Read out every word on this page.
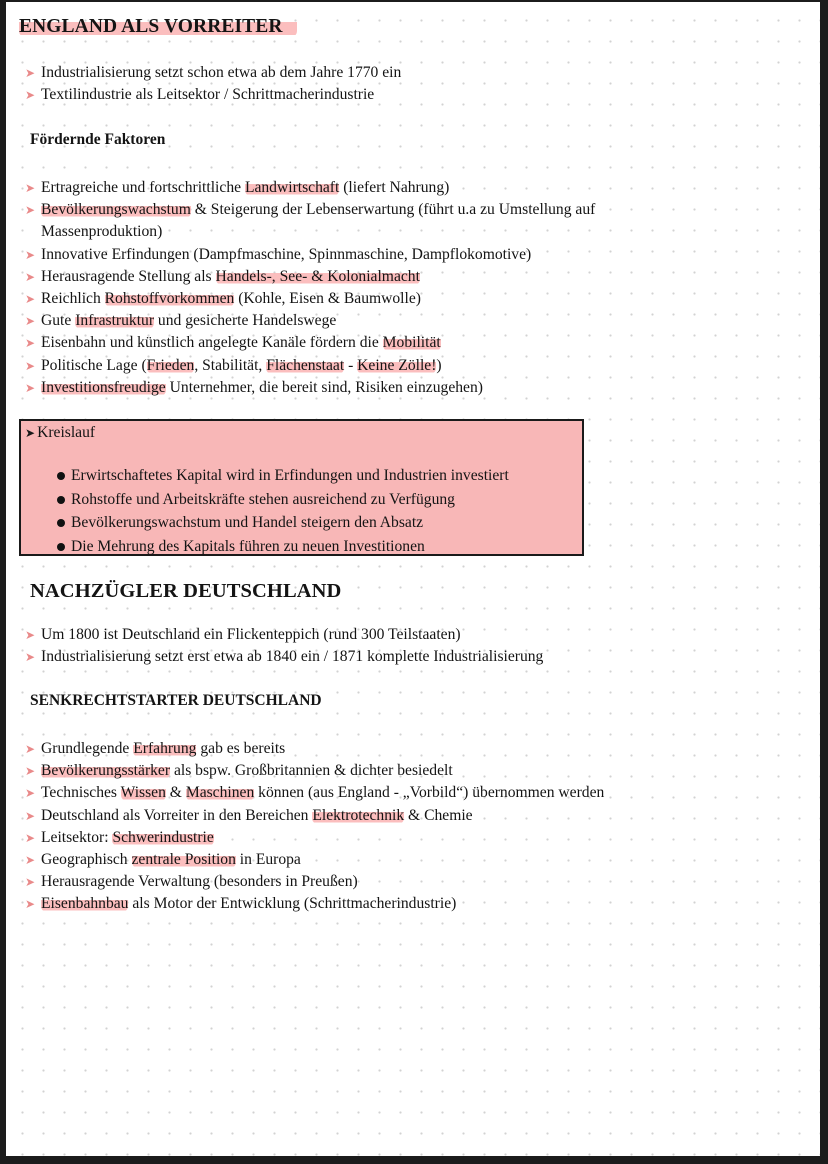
ENGLAND ALS VORREITER
➤ Industrialisierung setzt schon etwa ab dem Jahre 1770 ein
➤ Textilindustrie als Leitsektor / Schrittmacherindustrie
Fördernde Faktoren
➤ Ertragreiche und fortschrittliche Landwirtschaft (liefert Nahrung)
➤ Bevölkerungswachstum & Steigerung der Lebenserwartung (führt u.a zu Umstellung auf
Massenproduktion)
➤ Innovative Erfindungen (Dampfmaschine, Spinnmaschine, Dampflokomotive)
➤ Herausragende Stellung als Handels-, See- & Kolonialmacht
➤ Reichlich Rohstoffvorkommen (Kohle, Eisen & Baumwolle)
➤ Gute Infrastruktur und gesicherte Handelswege
➤ Eisenbahn und künstlich angelegte Kanäle fördern die Mobilität
➤ Politische Lage (Frieden, Stabilität, Flächenstaat - Keine Zölle!)
➤ Investitionsfreudige Unternehmer, die bereit sind, Risiken einzugehen)
➤ Kreislauf
Erwirtschaftetes Kapital wird in Erfindungen und Industrien investiert
Rohstoffe und Arbeitskräfte stehen ausreichend zu Verfügung
Bevölkerungswachstum und Handel steigern den Absatz
Die Mehrung des Kapitals führen zu neuen Investitionen
NACHZÜGLER DEUTSCHLAND
➤ Um 1800 ist Deutschland ein Flickenteppich (rund 300 Teilstaaten)
➤ Industrialisierung setzt erst etwa ab 1840 ein / 1871 komplette Industrialisierung
SENKRECHTSTARTER DEUTSCHLAND
➤ Grundlegende Erfahrung gab es bereits
➤ Bevölkerungsstärker als bspw. Großbritannien & dichter besiedelt
➤ Technisches Wissen & Maschinen können (aus England - „Vorbild“) übernommen werden
➤ Deutschland als Vorreiter in den Bereichen Elektrotechnik & Chemie
➤ Leitsektor: Schwerindustrie
➤ Geographisch zentrale Position in Europa
➤ Herausragende Verwaltung (besonders in Preußen)
➤ Eisenbahnbau als Motor der Entwicklung (Schrittmacherindustrie)
